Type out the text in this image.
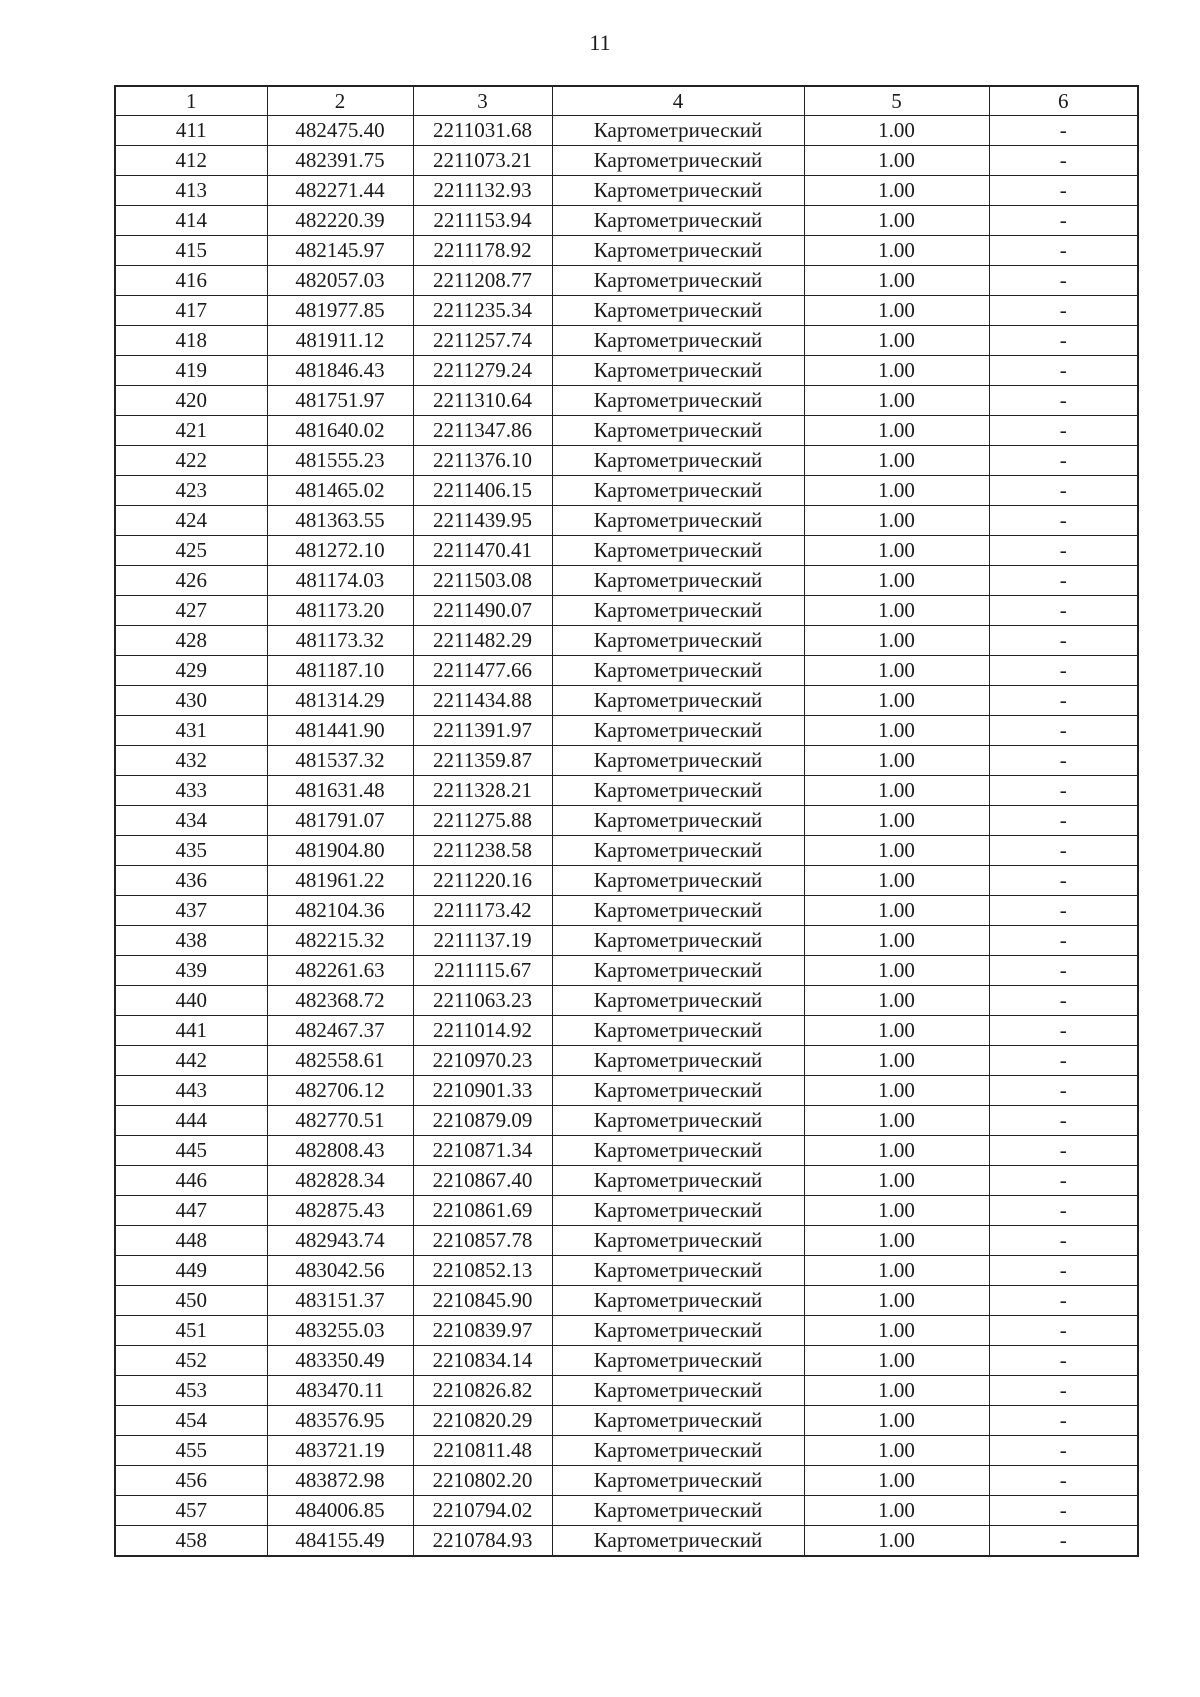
11
1	2	3	4	5	6
411	482475.40	2211031.68	Картометрический	1.00	-
412	482391.75	2211073.21	Картометрический	1.00	-
413	482271.44	2211132.93	Картометрический	1.00	-
414	482220.39	2211153.94	Картометрический	1.00	-
415	482145.97	2211178.92	Картометрический	1.00	-
416	482057.03	2211208.77	Картометрический	1.00	-
417	481977.85	2211235.34	Картометрический	1.00	-
418	481911.12	2211257.74	Картометрический	1.00	-
419	481846.43	2211279.24	Картометрический	1.00	-
420	481751.97	2211310.64	Картометрический	1.00	-
421	481640.02	2211347.86	Картометрический	1.00	-
422	481555.23	2211376.10	Картометрический	1.00	-
423	481465.02	2211406.15	Картометрический	1.00	-
424	481363.55	2211439.95	Картометрический	1.00	-
425	481272.10	2211470.41	Картометрический	1.00	-
426	481174.03	2211503.08	Картометрический	1.00	-
427	481173.20	2211490.07	Картометрический	1.00	-
428	481173.32	2211482.29	Картометрический	1.00	-
429	481187.10	2211477.66	Картометрический	1.00	-
430	481314.29	2211434.88	Картометрический	1.00	-
431	481441.90	2211391.97	Картометрический	1.00	-
432	481537.32	2211359.87	Картометрический	1.00	-
433	481631.48	2211328.21	Картометрический	1.00	-
434	481791.07	2211275.88	Картометрический	1.00	-
435	481904.80	2211238.58	Картометрический	1.00	-
436	481961.22	2211220.16	Картометрический	1.00	-
437	482104.36	2211173.42	Картометрический	1.00	-
438	482215.32	2211137.19	Картометрический	1.00	-
439	482261.63	2211115.67	Картометрический	1.00	-
440	482368.72	2211063.23	Картометрический	1.00	-
441	482467.37	2211014.92	Картометрический	1.00	-
442	482558.61	2210970.23	Картометрический	1.00	-
443	482706.12	2210901.33	Картометрический	1.00	-
444	482770.51	2210879.09	Картометрический	1.00	-
445	482808.43	2210871.34	Картометрический	1.00	-
446	482828.34	2210867.40	Картометрический	1.00	-
447	482875.43	2210861.69	Картометрический	1.00	-
448	482943.74	2210857.78	Картометрический	1.00	-
449	483042.56	2210852.13	Картометрический	1.00	-
450	483151.37	2210845.90	Картометрический	1.00	-
451	483255.03	2210839.97	Картометрический	1.00	-
452	483350.49	2210834.14	Картометрический	1.00	-
453	483470.11	2210826.82	Картометрический	1.00	-
454	483576.95	2210820.29	Картометрический	1.00	-
455	483721.19	2210811.48	Картометрический	1.00	-
456	483872.98	2210802.20	Картометрический	1.00	-
457	484006.85	2210794.02	Картометрический	1.00	-
458	484155.49	2210784.93	Картометрический	1.00	-
